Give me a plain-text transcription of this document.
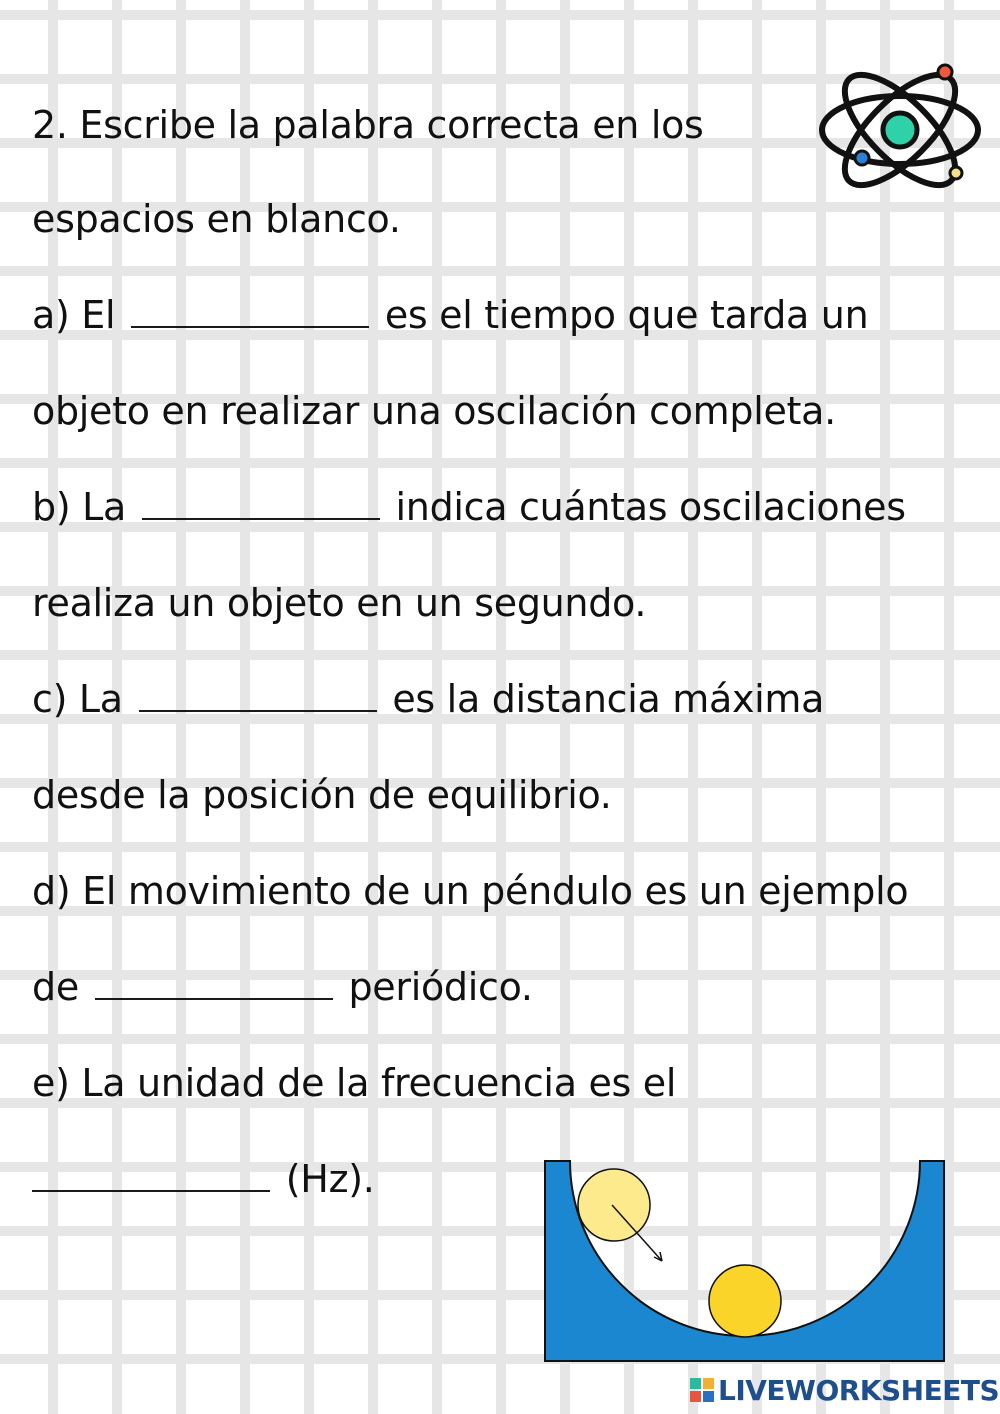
2. Escribe la palabra correcta en los
espacios en blanco.
a) El	es el tiempo que tarda un
objeto en realizar una oscilación completa.
b) La	indica cuántas oscilaciones
realiza un objeto en un segundo.
c) La	es la distancia máxima
desde la posición de equilibrio.
d) El movimiento de un péndulo es un ejemplo
de	periódico.
e) La unidad de la frecuencia es el
(Hz).
LIVEWORKSHEETS
